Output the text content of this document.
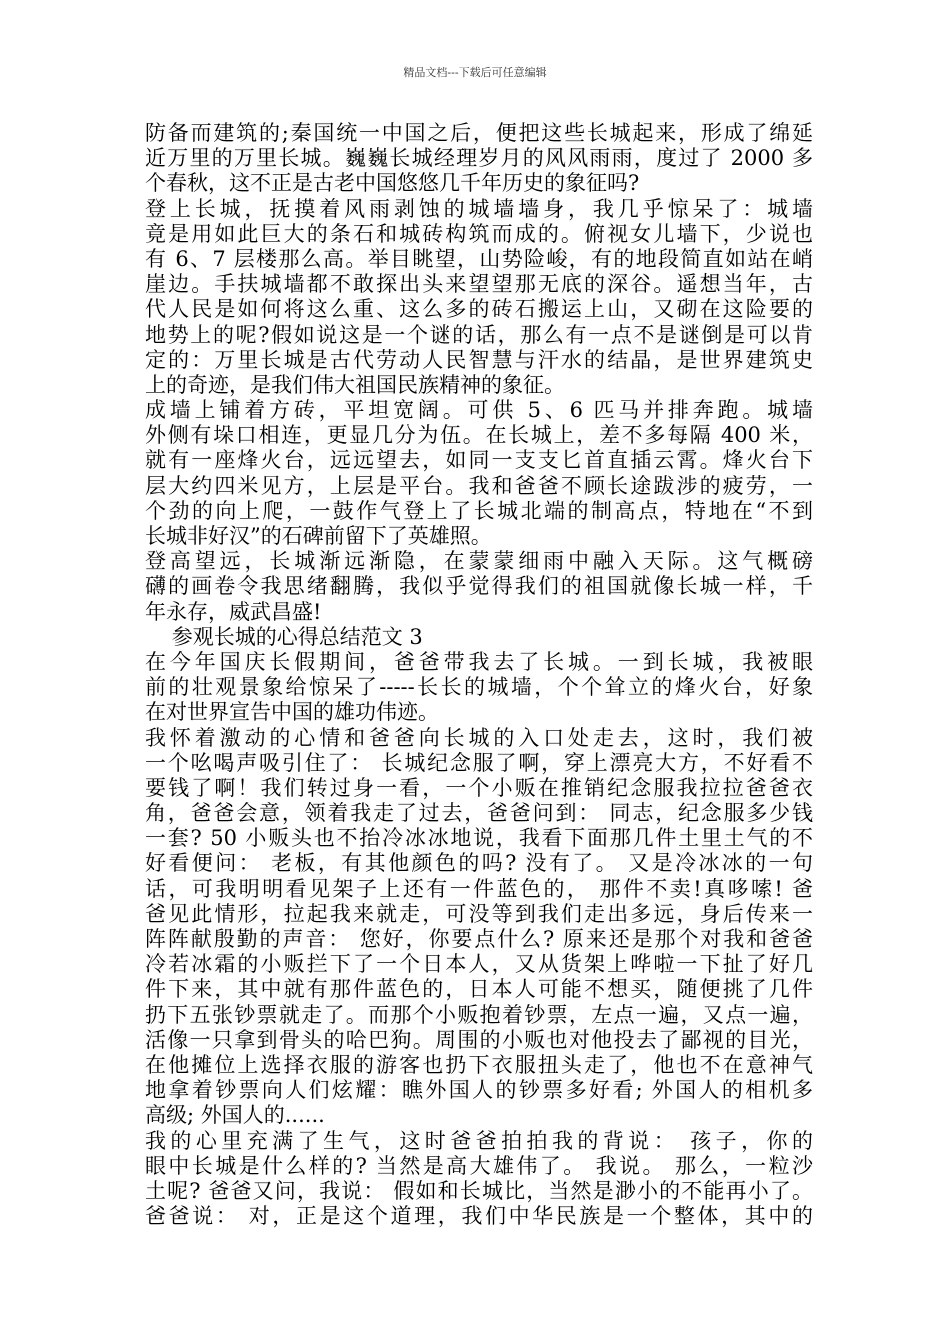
精品文档---下载后可任意编辑
防备而建筑的;秦国统一中国之后，便把这些长城起来，形成了绵延
近万里的万里长城。巍巍长城经理岁月的风风雨雨，度过了 2000 多
个春秋，这不正是古老中国悠悠几千年历史的象征吗?
登上长城，抚摸着风雨剥蚀的城墙墙身，我几乎惊呆了：城墙
竟是用如此巨大的条石和城砖构筑而成的。俯视女儿墙下，少说也
有 6、7 层楼那么高。举目眺望，山势险峻，有的地段简直如站在峭
崖边。手扶城墙都不敢探出头来望望那无底的深谷。遥想当年，古
代人民是如何将这么重、这么多的砖石搬运上山，又砌在这险要的
地势上的呢?假如说这是一个谜的话，那么有一点不是谜倒是可以肯
定的：万里长城是古代劳动人民智慧与汗水的结晶，是世界建筑史
上的奇迹，是我们伟大祖国民族精神的象征。
成墙上铺着方砖，平坦宽阔。可供 5、6 匹马并排奔跑。城墙
外侧有垛口相连，更显几分为伍。在长城上，差不多每隔 400 米，
就有一座烽火台，远远望去，如同一支支匕首直插云霄。烽火台下
层大约四米见方，上层是平台。我和爸爸不顾长途跋涉的疲劳，一
个劲的向上爬，一鼓作气登上了长城北端的制高点，特地在“不到
长城非好汉”的石碑前留下了英雄照。
登高望远，长城渐远渐隐，在蒙蒙细雨中融入天际。这气概磅
礴的画卷令我思绪翻腾，我似乎觉得我们的祖国就像长城一样，千
年永存，威武昌盛!
参观长城的心得总结范文 3
在今年国庆长假期间，爸爸带我去了长城。一到长城，我被眼
前的壮观景象给惊呆了-----长长的城墙，个个耸立的烽火台，好象
在对世界宣告中国的雄功伟迹。
我怀着激动的心情和爸爸向长城的入口处走去，这时，我们被
一个吆喝声吸引住了： 长城纪念服了啊，穿上漂亮大方，不好看不
要钱了啊！我们转过身一看，一个小贩在推销纪念服我拉拉爸爸衣
角，爸爸会意，领着我走了过去，爸爸问到： 同志，纪念服多少钱
一套? 50 小贩头也不抬冷冰冰地说，我看下面那几件土里土气的不
好看便问： 老板，有其他颜色的吗? 没有了。 又是冷冰冰的一句
话，可我明明看见架子上还有一件蓝色的， 那件不卖!真哆嗦! 爸
爸见此情形，拉起我来就走，可没等到我们走出多远，身后传来一
阵阵献殷勤的声音： 您好，你要点什么? 原来还是那个对我和爸爸
冷若冰霜的小贩拦下了一个日本人，又从货架上哗啦一下扯了好几
件下来，其中就有那件蓝色的，日本人可能不想买，随便挑了几件
扔下五张钞票就走了。而那个小贩抱着钞票，左点一遍，又点一遍，
活像一只拿到骨头的哈巴狗。周围的小贩也对他投去了鄙视的目光，
在他摊位上选择衣服的游客也扔下衣服扭头走了，他也不在意神气
地拿着钞票向人们炫耀：瞧外国人的钞票多好看; 外国人的相机多
高级; 外国人的......
我的心里充满了生气，这时爸爸拍拍我的背说： 孩子，你的
眼中长城是什么样的? 当然是高大雄伟了。 我说。 那么，一粒沙
土呢? 爸爸又问，我说： 假如和长城比，当然是渺小的不能再小了。
爸爸说： 对，正是这个道理，我们中华民族是一个整体，其中的
